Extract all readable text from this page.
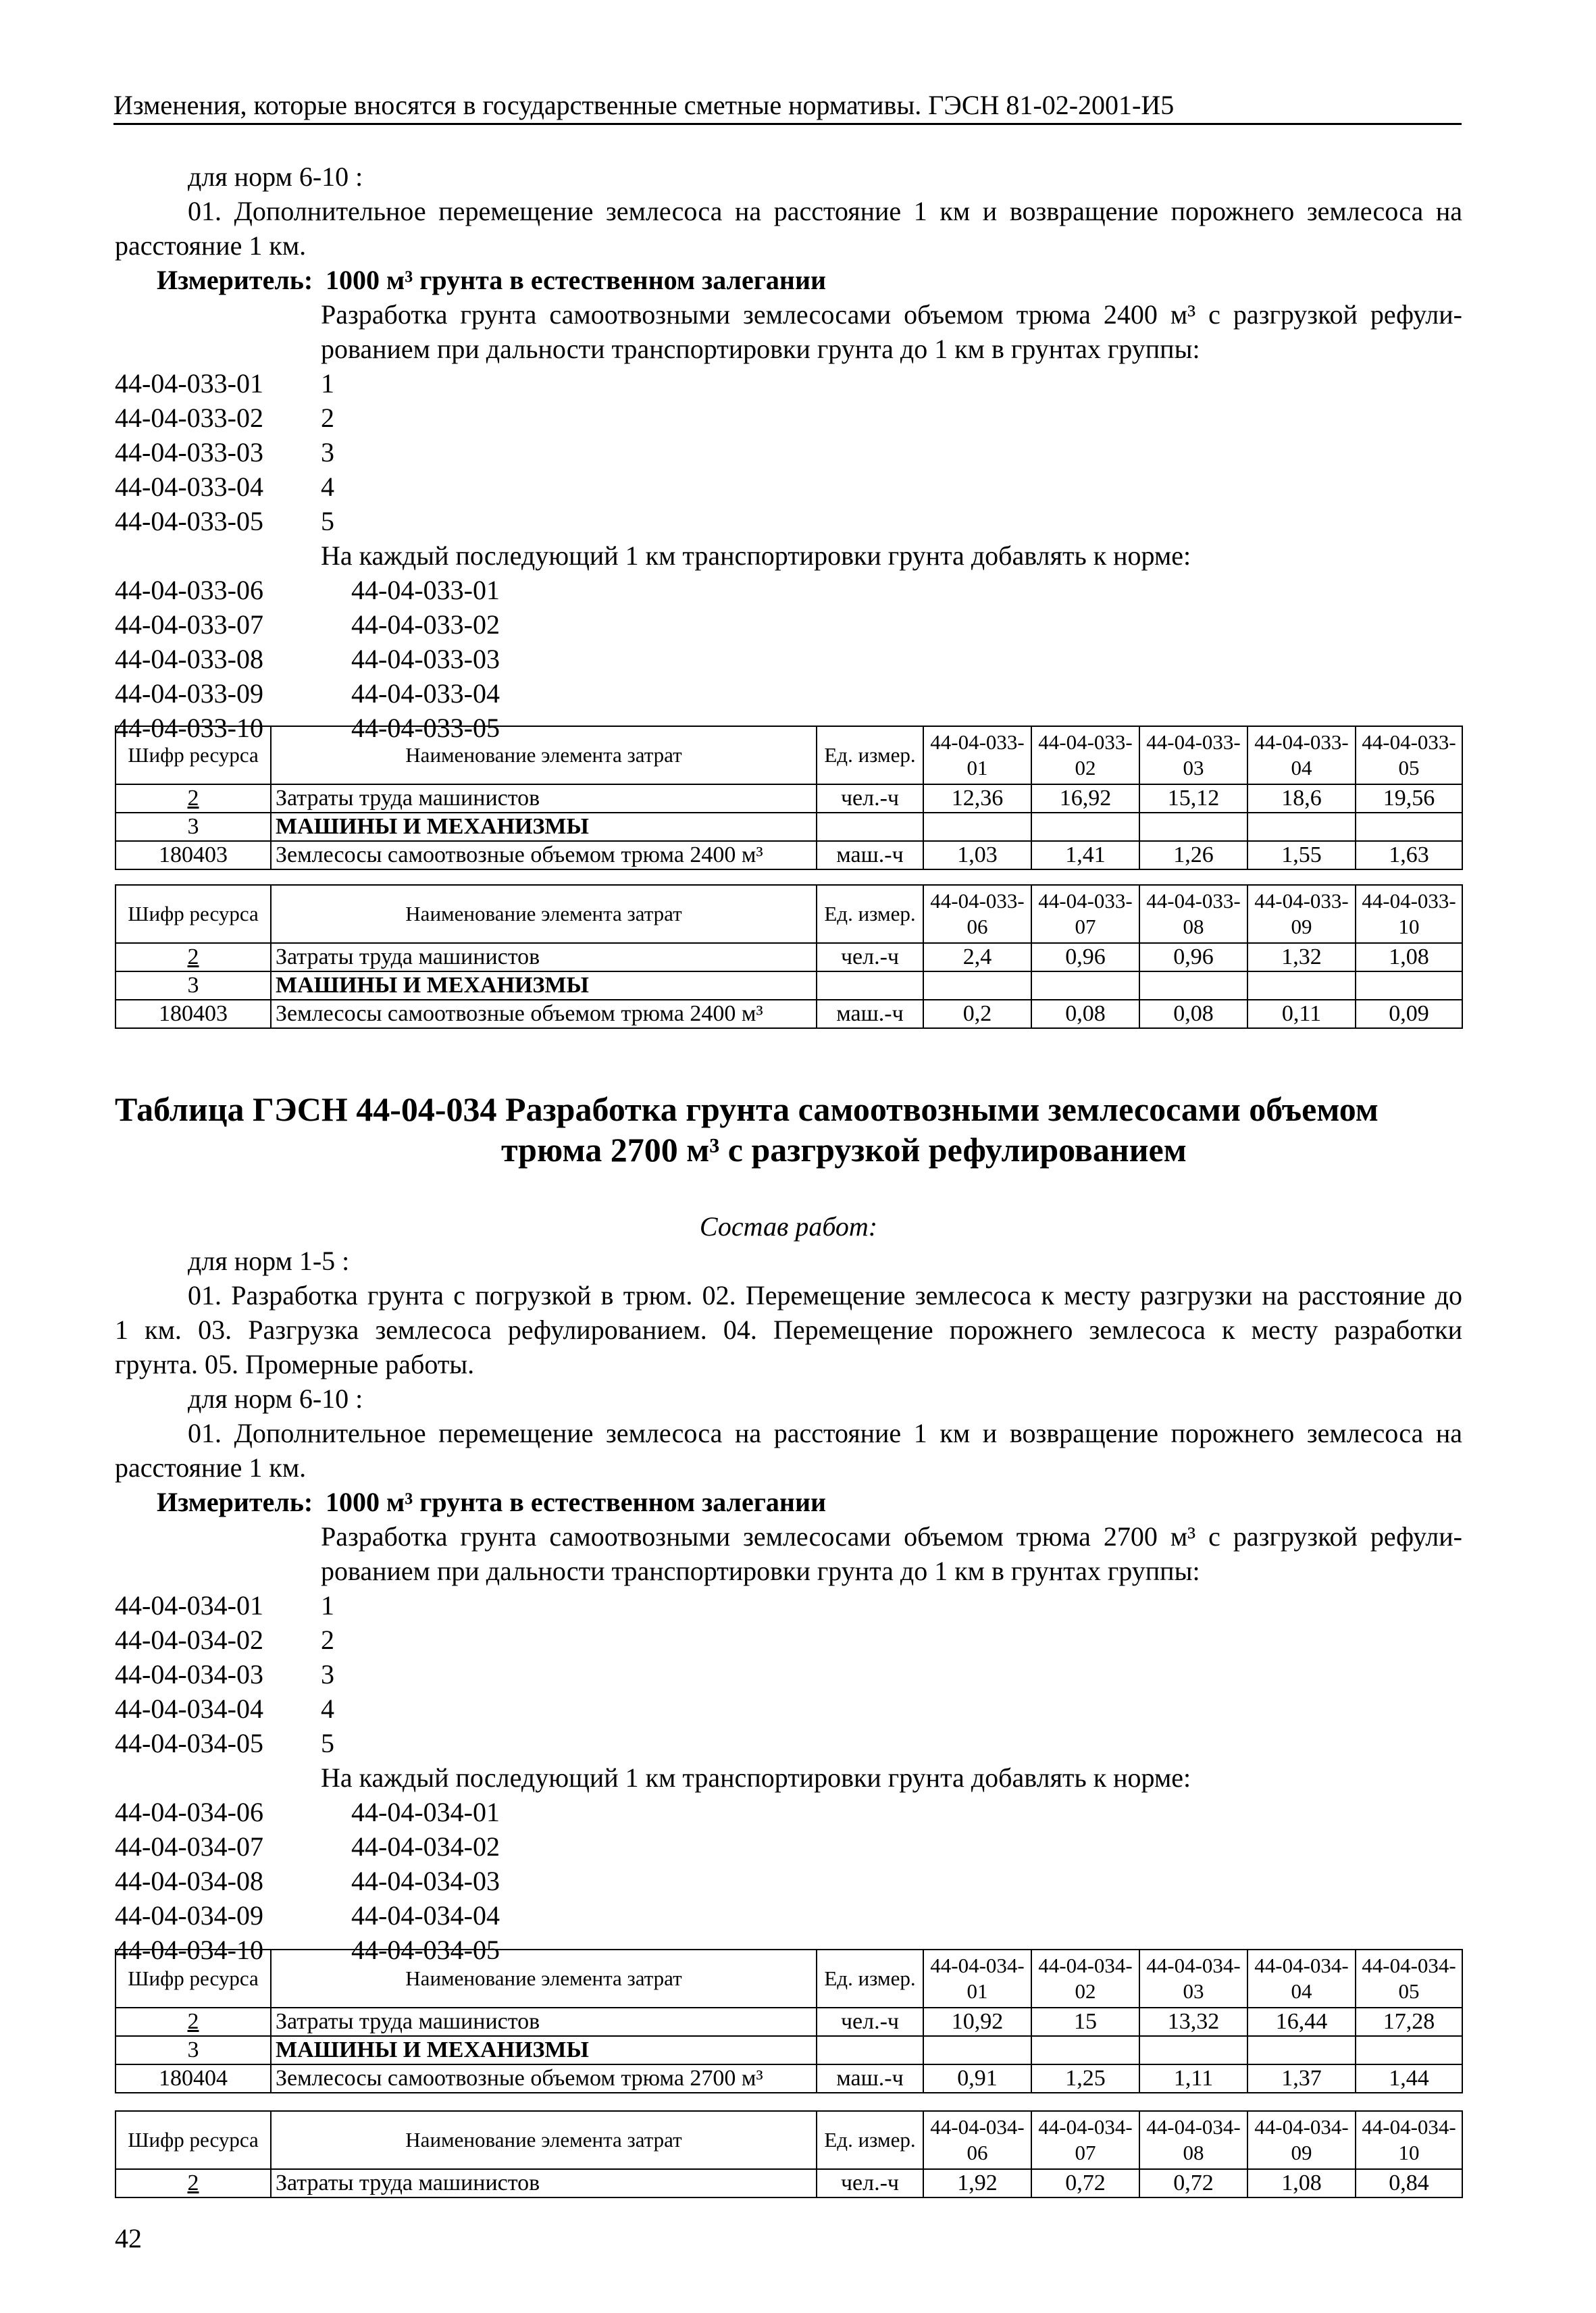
Изменения, которые вносятся в государственные сметные нормативы. ГЭСН 81-02-2001-И5
для норм 6-10 :
01. Дополнительное перемещение землесоса на расстояние 1 км и возвращение порожнего землесоса на
расстояние 1 км.
Измеритель: 1000 м³ грунта в естественном залегании
Разработка грунта самоотвозными землесосами объемом трюма 2400 м³ с разгрузкой рефули-
рованием при дальности транспортировки грунта до 1 км в грунтах группы:
44-04-033-01	1
44-04-033-02	2
44-04-033-03	3
44-04-033-04	4
44-04-033-05	5
На каждый последующий 1 км транспортировки грунта добавлять к норме:
44-04-033-06	44-04-033-01
44-04-033-07	44-04-033-02
44-04-033-08	44-04-033-03
44-04-033-09	44-04-033-04
44-04-033-10	44-04-033-05
Шифр ресурса	Наименование элемента затрат	Ед. измер.	44-04-033-01	44-04-033-02	44-04-033-03	44-04-033-04	44-04-033-05
2	Затраты труда машинистов	чел.-ч	12,36	16,92	15,12	18,6	19,56
3	МАШИНЫ И МЕХАНИЗМЫ						
180403	Землесосы самоотвозные объемом трюма 2400 м³	маш.-ч	1,03	1,41	1,26	1,55	1,63
Шифр ресурса	Наименование элемента затрат	Ед. измер.	44-04-033-06	44-04-033-07	44-04-033-08	44-04-033-09	44-04-033-10
2	Затраты труда машинистов	чел.-ч	2,4	0,96	0,96	1,32	1,08
3	МАШИНЫ И МЕХАНИЗМЫ						
180403	Землесосы самоотвозные объемом трюма 2400 м³	маш.-ч	0,2	0,08	0,08	0,11	0,09
Таблица ГЭСН 44-04-034 Разработка грунта самоотвозными землесосами объемом
трюма 2700 м³ с разгрузкой рефулированием
Состав работ:
для норм 1-5 :
01. Разработка грунта с погрузкой в трюм. 02. Перемещение землесоса к месту разгрузки на расстояние до
1 км. 03. Разгрузка землесоса рефулированием. 04. Перемещение порожнего землесоса к месту разработки
грунта. 05. Промерные работы.
для норм 6-10 :
01. Дополнительное перемещение землесоса на расстояние 1 км и возвращение порожнего землесоса на
расстояние 1 км.
Измеритель: 1000 м³ грунта в естественном залегании
Разработка грунта самоотвозными землесосами объемом трюма 2700 м³ с разгрузкой рефули-
рованием при дальности транспортировки грунта до 1 км в грунтах группы:
44-04-034-01	1
44-04-034-02	2
44-04-034-03	3
44-04-034-04	4
44-04-034-05	5
На каждый последующий 1 км транспортировки грунта добавлять к норме:
44-04-034-06	44-04-034-01
44-04-034-07	44-04-034-02
44-04-034-08	44-04-034-03
44-04-034-09	44-04-034-04
44-04-034-10	44-04-034-05
Шифр ресурса	Наименование элемента затрат	Ед. измер.	44-04-034-01	44-04-034-02	44-04-034-03	44-04-034-04	44-04-034-05
2	Затраты труда машинистов	чел.-ч	10,92	15	13,32	16,44	17,28
3	МАШИНЫ И МЕХАНИЗМЫ						
180404	Землесосы самоотвозные объемом трюма 2700 м³	маш.-ч	0,91	1,25	1,11	1,37	1,44
Шифр ресурса	Наименование элемента затрат	Ед. измер.	44-04-034-06	44-04-034-07	44-04-034-08	44-04-034-09	44-04-034-10
2	Затраты труда машинистов	чел.-ч	1,92	0,72	0,72	1,08	0,84
42
